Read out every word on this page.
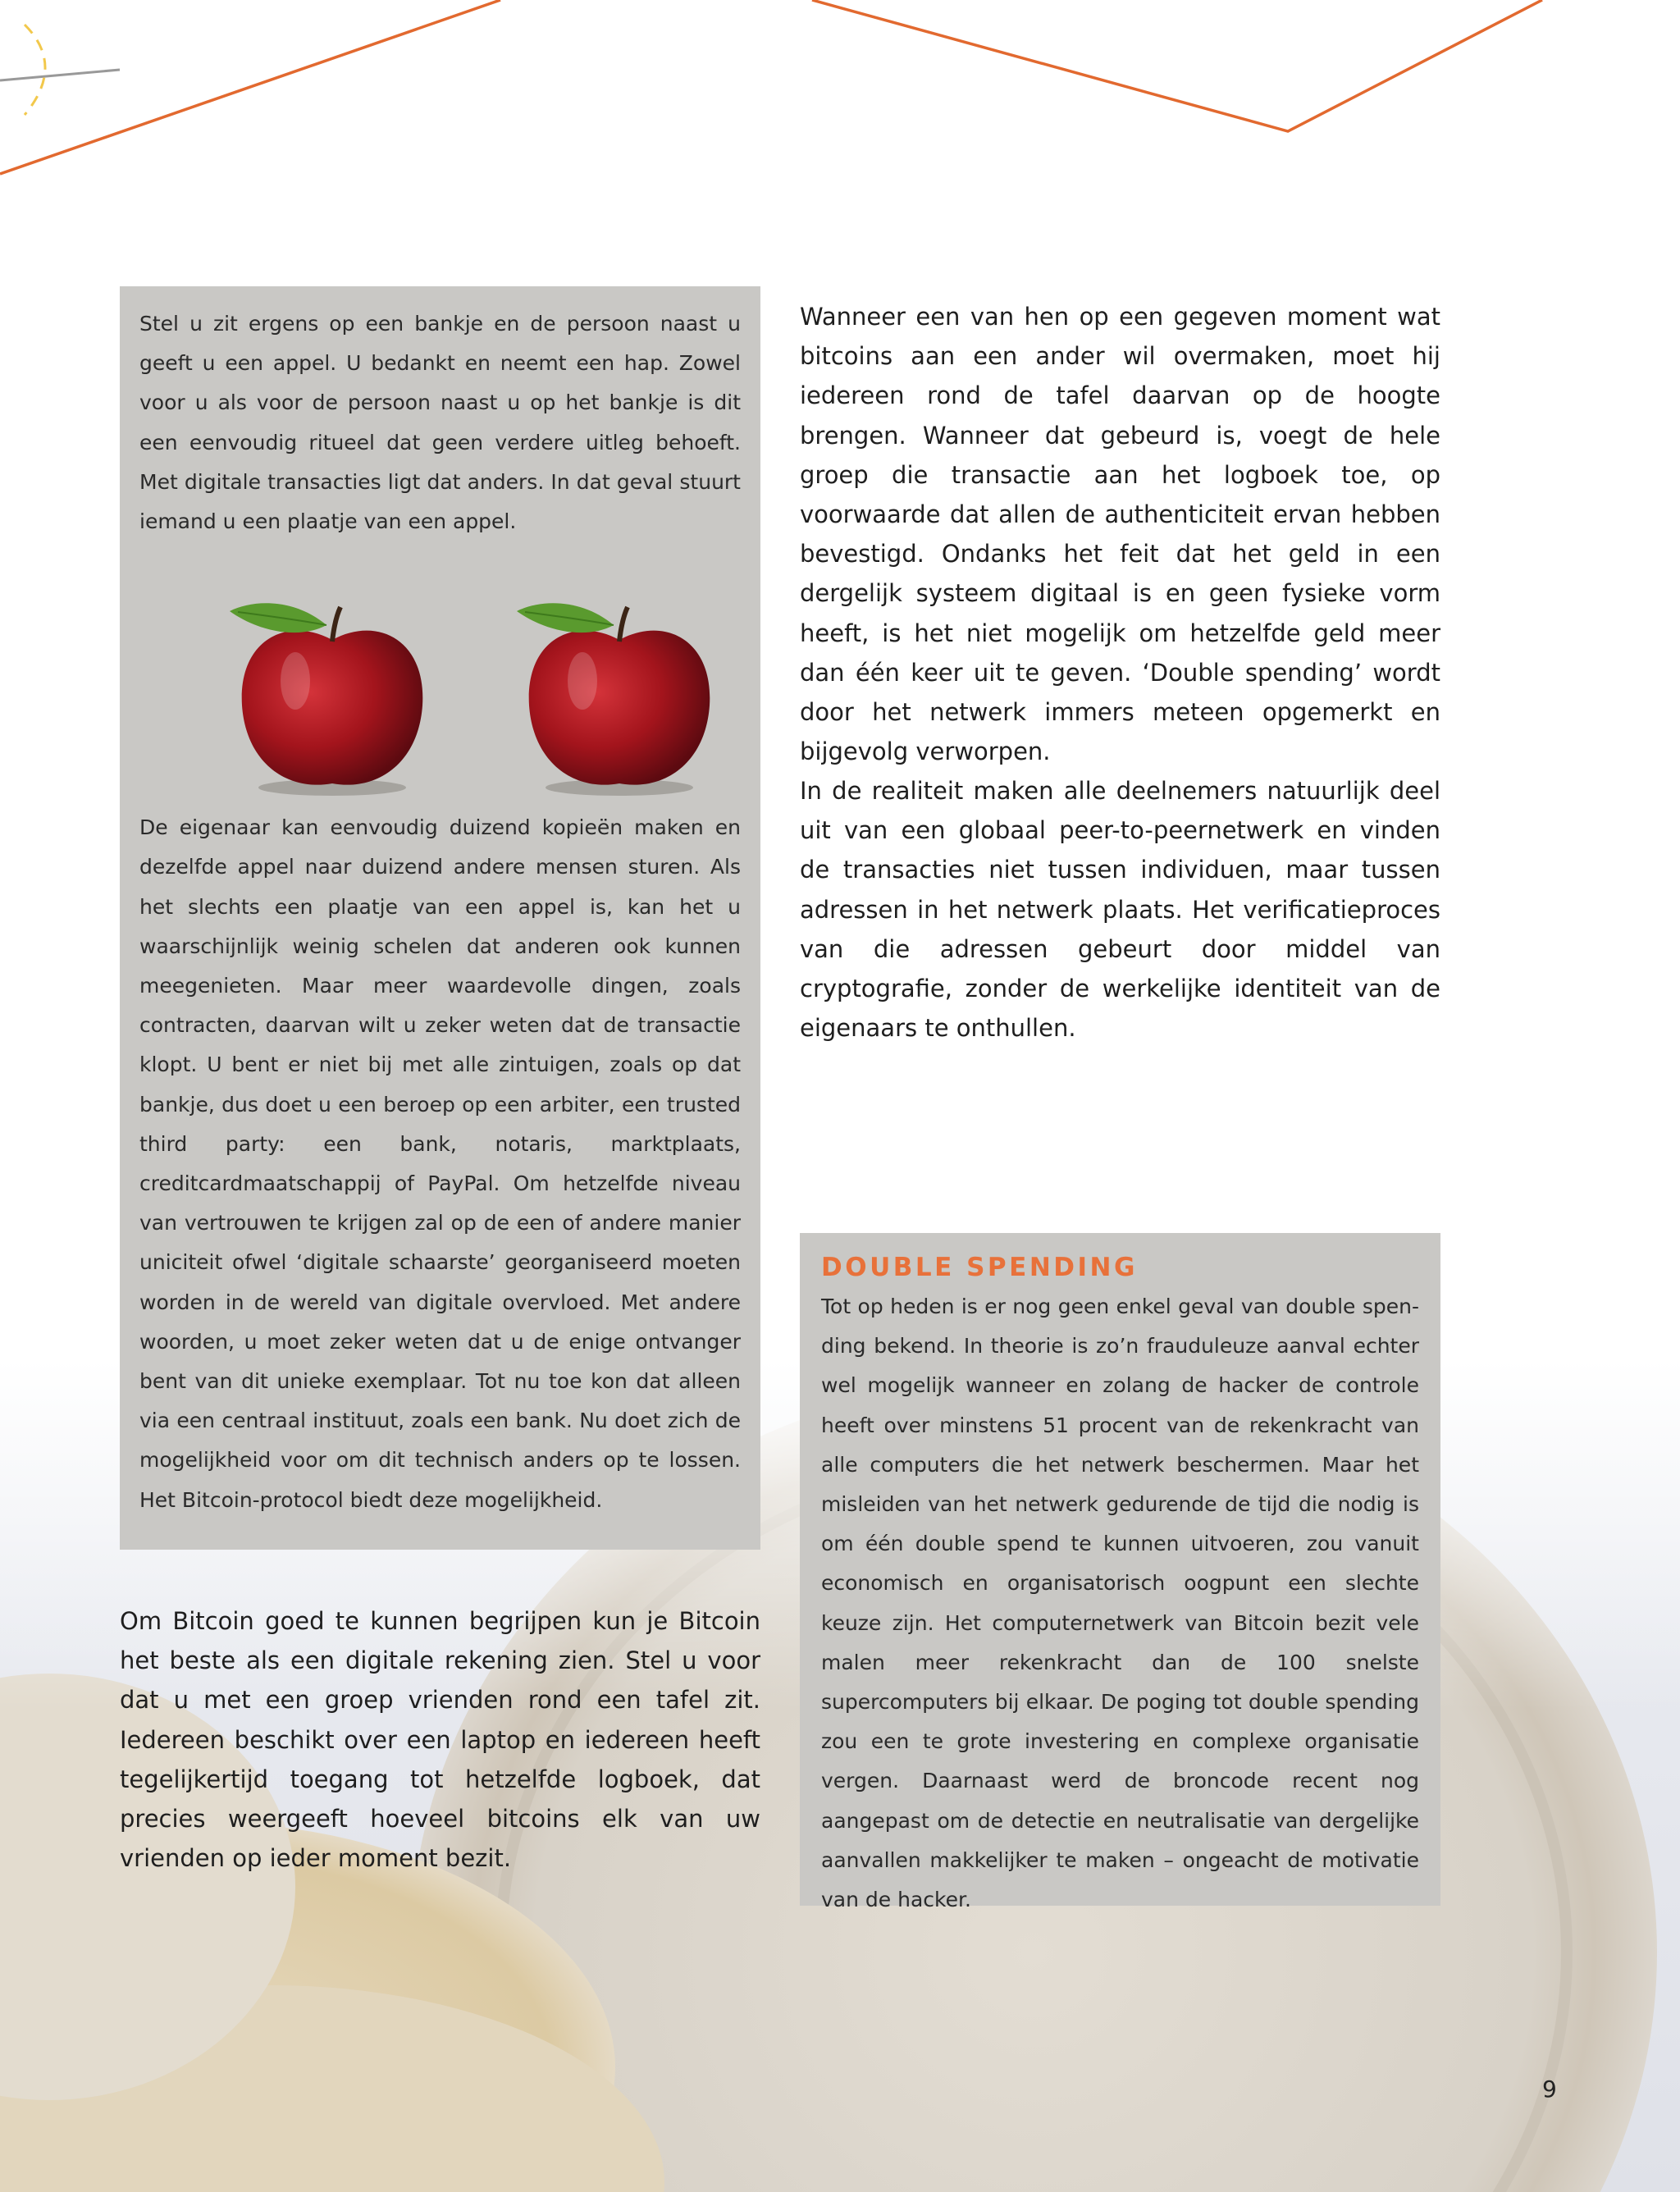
Stel u zit ergens op een bankje en de persoon naast u geeft u een appel. U bedankt en neemt een hap. Zowel voor u als voor de persoon naast u op het bankje is dit een eenvoudig ritueel dat geen verdere uitleg behoeft. Met digitale transacties ligt dat anders. In dat geval stuurt iemand u een plaatje van een appel.

De eigenaar kan eenvoudig duizend kopieën maken en dezelfde appel naar duizend andere mensen sturen. Als het slechts een plaatje van een appel is, kan het u waarschijnlijk weinig schelen dat anderen ook kunnen meegenieten. Maar meer waardevolle dingen, zoals contracten, daarvan wilt u zeker weten dat de transactie klopt. U bent er niet bij met alle zintuigen, zoals op dat bankje, dus doet u een beroep op een arbiter, een trusted third party: een bank, notaris, marktplaats, creditcardmaatschappij of PayPal. Om hetzelfde niveau van vertrouwen te krijgen zal op de een of andere manier uniciteit ofwel ‘digitale schaarste’ georganiseerd moeten worden in de wereld van digitale overvloed. Met andere woorden, u moet zeker weten dat u de enige ontvanger bent van dit unieke exemplaar. Tot nu toe kon dat alleen via een centraal instituut, zoals een bank. Nu doet zich de mogelijkheid voor om dit technisch anders op te lossen. Het Bitcoin-protocol biedt deze mogelijkheid.

Wanneer een van hen op een gegeven moment wat bitcoins aan een ander wil overmaken, moet hij iedereen rond de tafel daarvan op de hoogte brengen. Wanneer dat gebeurd is, voegt de hele groep die transactie aan het logboek toe, op voorwaarde dat allen de authenticiteit ervan hebben bevestigd. Ondanks het feit dat het geld in een dergelijk systeem digitaal is en geen fysieke vorm heeft, is het niet mogelijk om hetzelfde geld meer dan één keer uit te geven. ‘Double spending’ wordt door het netwerk immers meteen opgemerkt en bijgevolg verworpen.

In de realiteit maken alle deelnemers natuurlijk deel uit van een globaal peer-to-peernetwerk en vinden de transacties niet tussen individuen, maar tussen adressen in het netwerk plaats. Het verificatieproces van die adressen gebeurt door middel van cryptografie, zonder de werkelijke identiteit van de eigenaars te onthullen.

Om Bitcoin goed te kunnen begrijpen kun je Bitcoin het beste als een digitale rekening zien. Stel u voor dat u met een groep vrienden rond een tafel zit. Iedereen beschikt over een laptop en iedereen heeft tegelijkertijd toegang tot hetzelfde logboek, dat precies weergeeft hoeveel bitcoins elk van uw vrienden op ieder moment bezit.

DOUBLE SPENDING

Tot op heden is er nog geen enkel geval van double spending bekend. In theorie is zo’n frauduleuze aanval echter wel mogelijk wanneer en zolang de hacker de controle heeft over minstens 51 procent van de rekenkracht van alle computers die het netwerk beschermen. Maar het misleiden van het netwerk gedurende de tijd die nodig is om één double spend te kunnen uitvoeren, zou vanuit economisch en organisatorisch oogpunt een slechte keuze zijn. Het computernetwerk van Bitcoin bezit vele malen meer rekenkracht dan de 100 snelste supercomputers bij elkaar. De poging tot double spending zou een te grote investering en complexe organisatie vergen. Daarnaast werd de broncode recent nog aangepast om de detectie en neutralisatie van dergelijke aanvallen makkelijker te maken – ongeacht de motivatie van de hacker.

9
